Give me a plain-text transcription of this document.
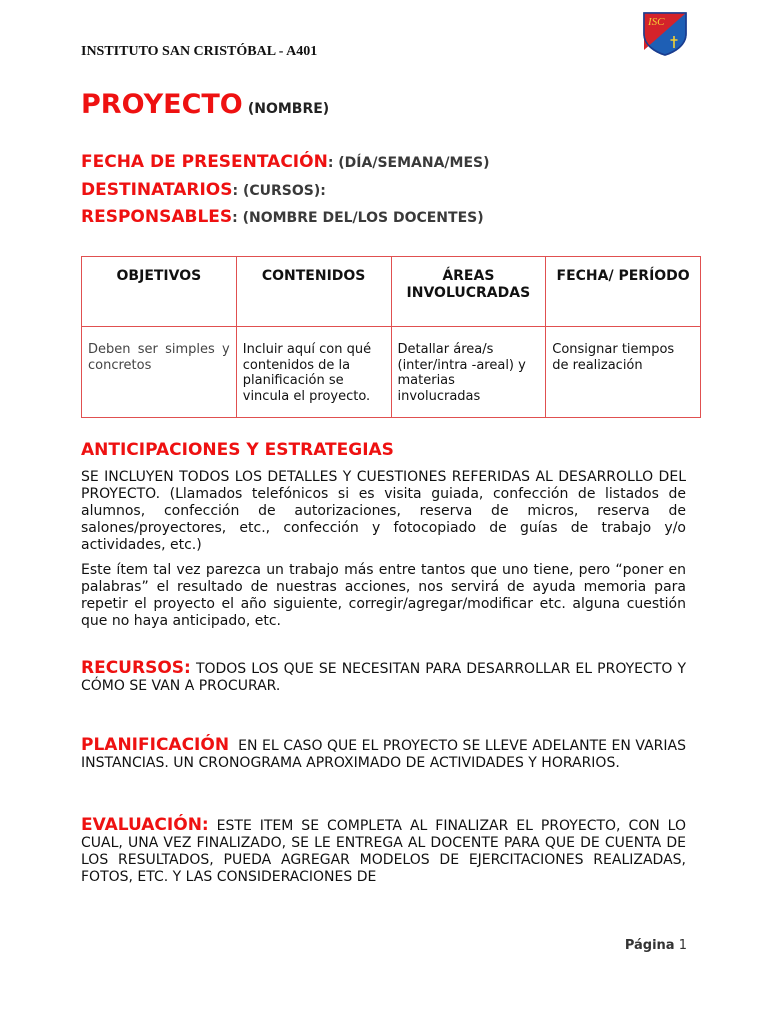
INSTITUTO SAN CRISTÓBAL - A401
ISC
PROYECTO (NOMBRE)
FECHA DE PRESENTACIÓN: (DÍA/SEMANA/MES)
DESTINATARIOS: (CURSOS):
RESPONSABLES: (NOMBRE DEL/LOS DOCENTES)
OBJETIVOS	CONTENIDOS	ÁREAS INVOLUCRADAS	FECHA/ PERÍODO
Deben ser simples y concretos	Incluir aquí con qué contenidos de la planificación se vincula el proyecto.	Detallar área/s (inter/intra -areal) y materias involucradas	Consignar tiempos de realización
ANTICIPACIONES Y ESTRATEGIAS
SE INCLUYEN TODOS LOS DETALLES Y CUESTIONES REFERIDAS AL DESARROLLO DEL PROYECTO. (Llamados telefónicos si es visita guiada, confección de listados de alumnos, confección de autorizaciones, reserva de micros, reserva de salones/proyectores, etc., confección y fotocopiado de guías de trabajo y/o actividades, etc.)
Este ítem tal vez parezca un trabajo más entre tantos que uno tiene, pero “poner en palabras” el resultado de nuestras acciones, nos servirá de ayuda memoria para repetir el proyecto el año siguiente, corregir/agregar/modificar etc. alguna cuestión que no haya anticipado, etc.
RECURSOS: TODOS LOS QUE SE NECESITAN PARA DESARROLLAR EL PROYECTO Y CÓMO SE VAN A PROCURAR.
PLANIFICACIÓN EN EL CASO QUE EL PROYECTO SE LLEVE ADELANTE EN VARIAS INSTANCIAS. UN CRONOGRAMA APROXIMADO DE ACTIVIDADES Y HORARIOS.
EVALUACIÓN: ESTE ITEM SE COMPLETA AL FINALIZAR EL PROYECTO, CON LO CUAL, UNA VEZ FINALIZADO, SE LE ENTREGA AL DOCENTE PARA QUE DE CUENTA DE LOS RESULTADOS, PUEDA AGREGAR MODELOS DE EJERCITACIONES REALIZADAS, FOTOS, ETC. Y LAS CONSIDERACIONES DE
Página 1
